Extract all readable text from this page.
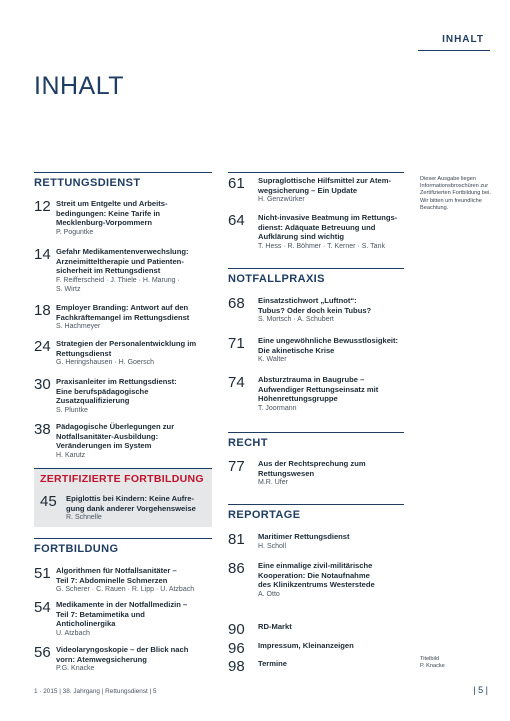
INHALT
INHALT
RETTUNGSDIENST
12 Streit um Entgelte und Arbeits-
bedingungen: Keine Tarife in
Mecklenburg-Vorpommern
P. Poguntke
14 Gefahr Medikamentenverwechslung:
Arzneimitteltherapie und Patienten-
sicherheit im Rettungsdienst
F. Reifferscheid · J. Thiele · H. Marung ·
S. Wirtz
18 Employer Branding: Antwort auf den
Fachkräftemangel im Rettungsdienst
S. Hachmeyer
24 Strategien der Personalentwicklung im
Rettungsdienst
G. Heringshausen · H. Goersch
30 Praxisanleiter im Rettungsdienst:
Eine berufspädagogische
Zusatzqualifizierung
S. Pluntke
38 Pädagogische Überlegungen zur
Notfallsanitäter-Ausbildung:
Veränderungen im System
H. Karutz
ZERTIFIZIERTE FORTBILDUNG
45	Epiglottis bei Kindern: Keine Aufre-
gung dank anderer Vorgehensweise
R. Schnelle
FORTBILDUNG
51 Algorithmen für Notfallsanitäter –
Teil 7: Abdominelle Schmerzen
G. Scherer · C. Rauen · R. Lipp · U. Atzbach
54 Medikamente in der Notfallmedizin –
Teil 7: Betamimetika und
Anticholinergika
U. Atzbach
56 Videolaryngoskopie – der Blick nach
vorn: Atemwegsicherung
P.G. Knacke
61	Supraglottische Hilfsmittel zur Atem-
wegsicherung – Ein Update
H. Genzwürker
64	Nicht-invasive Beatmung im Rettungs-
dienst: Adäquate Betreuung und
Aufklärung sind wichtig
T. Hess · R. Böhmer · T. Kerner · S. Tank
NOTFALLPRAXIS
68	Einsatzstichwort „Luftnot“:
Tubus? Oder doch kein Tubus?
S. Mortsch · A. Schubert
71	Eine ungewöhnliche Bewusstlosigkeit:
Die akinetische Krise
K. Walter
74	Absturztrauma in Baugrube –
Aufwendiger Rettungseinsatz mit
Höhenrettungsgruppe
T. Joormann
RECHT
77	Aus der Rechtsprechung zum
Rettungswesen
M.R. Ufer
REPORTAGE
81	Maritimer Rettungsdienst
H. Scholl
86	Eine einmalige zivil-militärische
Kooperation: Die Notaufnahme
des Klinikzentrums Westerstede
A. Otto
90	RD-Markt
96	Impressum, Kleinanzeigen
98	Termine
Dieser Ausgabe liegen Informationsbroschüren zur Zertifizierten Fortbildung bei. Wir bitten um freundliche Beachtung.
Titelbild
P. Knacke
1 · 2015 | 38. Jahrgang | Rettungsdienst | 5	| 5 |
